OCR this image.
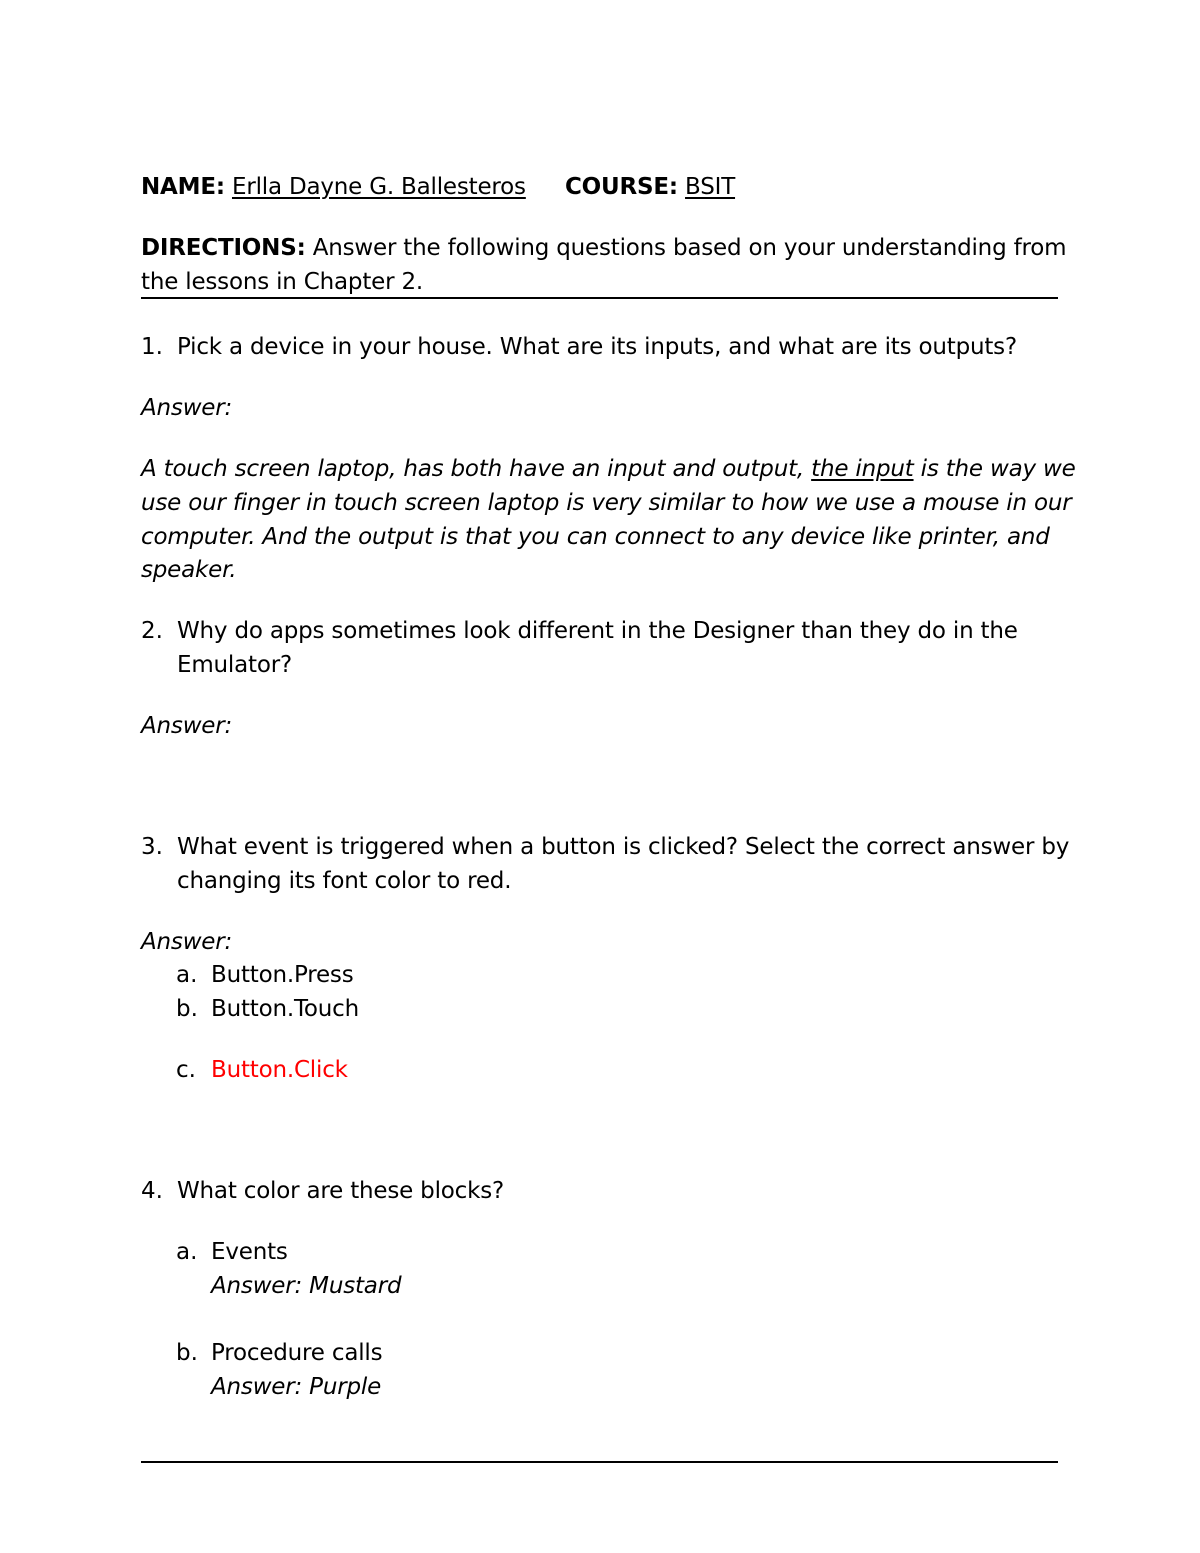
NAME: Erlla Dayne G. Ballesteros COURSE: BSIT
DIRECTIONS: Answer the following questions based on your understanding from
the lessons in Chapter 2.
1. Pick a device in your house. What are its inputs, and what are its outputs?
Answer:
A touch screen laptop, has both have an input and output, the input is the way we
use our finger in touch screen laptop is very similar to how we use a mouse in our
computer. And the output is that you can connect to any device like printer, and
speaker.
2. Why do apps sometimes look different in the Designer than they do in the
Emulator?
Answer:
3. What event is triggered when a button is clicked? Select the correct answer by
changing its font color to red.
Answer:
a. Button.Press
b. Button.Touch
c. Button.Click
4. What color are these blocks?
a. Events
Answer: Mustard
b. Procedure calls
Answer: Purple
